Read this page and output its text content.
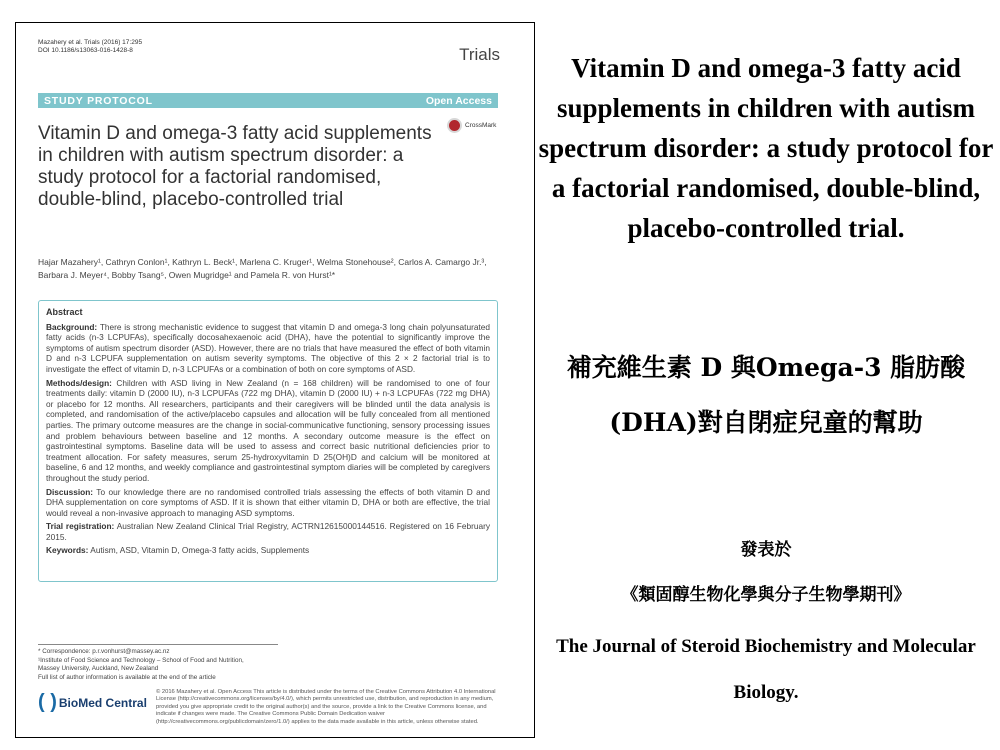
Mazahery et al. Trials (2016) 17:295
DOI 10.1186/s13063-016-1428-8	Trials
STUDY PROTOCOL	Open Access
CrossMark
Vitamin D and omega-3 fatty acid supplements in children with autism spectrum disorder: a study protocol for a factorial randomised, double-blind, placebo-controlled trial
Hajar Mazahery¹, Cathryn Conlon¹, Kathryn L. Beck¹, Marlena C. Kruger¹, Welma Stonehouse², Carlos A. Camargo Jr.³, Barbara J. Meyer⁴, Bobby Tsang⁵, Owen Mugridge¹ and Pamela R. von Hurst¹*
Abstract

Background: There is strong mechanistic evidence to suggest that vitamin D and omega-3 long chain polyunsaturated fatty acids (n-3 LCPUFAs), specifically docosahexaenoic acid (DHA), have the potential to significantly improve the symptoms of autism spectrum disorder (ASD). However, there are no trials that have measured the effect of both vitamin D and n-3 LCPUFA supplementation on autism severity symptoms. The objective of this 2 × 2 factorial trial is to investigate the effect of vitamin D, n-3 LCPUFAs or a combination of both on core symptoms of ASD.

Methods/design: Children with ASD living in New Zealand (n = 168 children) will be randomised to one of four treatments daily: vitamin D (2000 IU), n-3 LCPUFAs (722 mg DHA), vitamin D (2000 IU) + n-3 LCPUFAs (722 mg DHA) or placebo for 12 months. All researchers, participants and their caregivers will be blinded until the data analysis is completed, and randomisation of the active/placebo capsules and allocation will be fully concealed from all mentioned parties. The primary outcome measures are the change in social-communicative functioning, sensory processing issues and problem behaviours between baseline and 12 months. A secondary outcome measure is the effect on gastrointestinal symptoms. Baseline data will be used to assess and correct basic nutritional deficiencies prior to treatment allocation. For safety measures, serum 25-hydroxyvitamin D 25(OH)D and calcium will be monitored at baseline, 6 and 12 months, and weekly compliance and gastrointestinal symptom diaries will be completed by caregivers throughout the study period.

Discussion: To our knowledge there are no randomised controlled trials assessing the effects of both vitamin D and DHA supplementation on core symptoms of ASD. If it is shown that either vitamin D, DHA or both are effective, the trial would reveal a non-invasive approach to managing ASD symptoms.

Trial registration: Australian New Zealand Clinical Trial Registry, ACTRN12615000144516. Registered on 16 February 2015.

Keywords: Autism, ASD, Vitamin D, Omega-3 fatty acids, Supplements

* Correspondence: p.r.vonhurst@massey.ac.nz
¹Institute of Food Science and Technology – School of Food and Nutrition,
Massey University, Auckland, New Zealand
Full list of author information is available at the end of the article
( ) BioMed Central
© 2016 Mazahery et al. Open Access This article is distributed under the terms of the Creative Commons Attribution 4.0 International License (http://creativecommons.org/licenses/by/4.0/), which permits unrestricted use, distribution, and reproduction in any medium, provided you give appropriate credit to the original author(s) and the source, provide a link to the Creative Commons license, and indicate if changes were made. The Creative Commons Public Domain Dedication waiver (http://creativecommons.org/publicdomain/zero/1.0/) applies to the data made available in this article, unless otherwise stated.
Vitamin D and omega-3 fatty acid supplements in children with autism spectrum disorder: a study protocol for a factorial randomised, double-blind, placebo-controlled trial.
補充維生素 D 與Omega-3 脂肪酸(DHA)對自閉症兒童的幫助
發表於
《類固醇生物化學與分子生物學期刊》
The Journal of Steroid Biochemistry and Molecular Biology.
